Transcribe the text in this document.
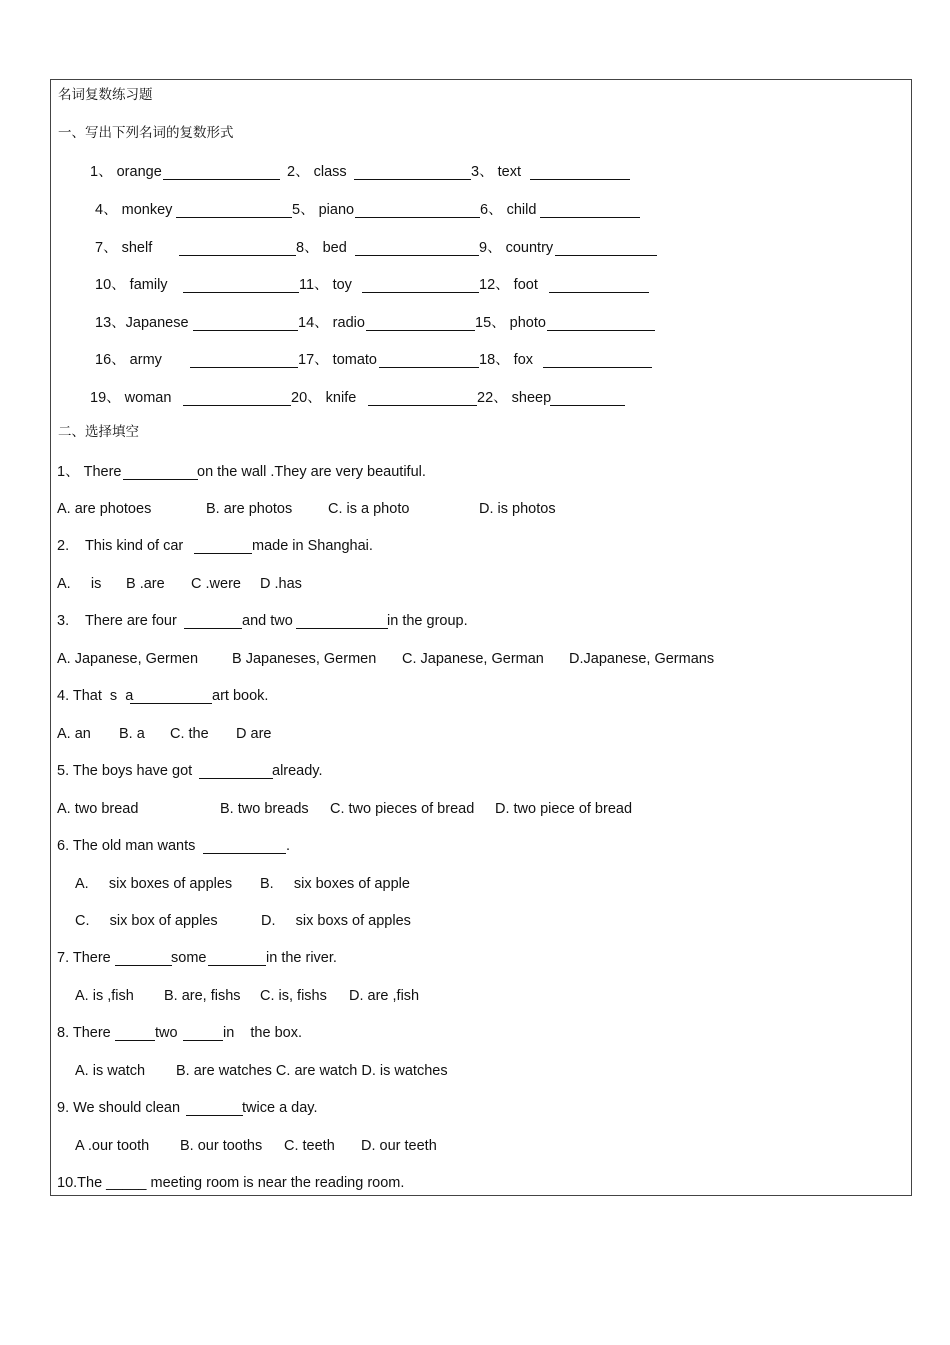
名词复数练习题
一、写出下列名词的复数形式
1、 orange	2、 class	3、 text
4、 monkey	5、 piano	6、 child
7、 shelf	8、 bed	9、 country
10、 family	11、 toy	12、 foot
13、Japanese	14、 radio	15、 photo
16、 army	17、 tomato	18、 fox
19、 woman	20、 knife	22、 sheep
二、选择填空
1、 There	on the wall .They are very beautiful.
A. are photoes	B. are photos C. is a photo	D. is photos
2.    This kind of car	made in Shanghai.
A.     is B .are C .were D .has
3.    There are four	and two	in the group.
A. Japanese, Germen B Japaneses, Germen C. Japanese, German D.Japanese, Germans
4. That  s  a	art book.
A. an B. a C. the D are
5. The boys have got	already.
A. two bread	B. two breads C. two pieces of bread D. two piece of bread
6. The old man wants	.
A.     six boxes of apples B.     six boxes of apple
C.     six box of apples	D.     six boxs of apples
7. There	some	in the river.
A. is ,fish B. are, fishs C. is, fishs D. are ,fish
8. There	two	in    the box.
A. is watch B. are watches C. are watch D. is watches
9. We should clean	twice a day.
A .our tooth B. our tooths C. teeth D. our teeth
10.The _____ meeting room is near the reading room.
